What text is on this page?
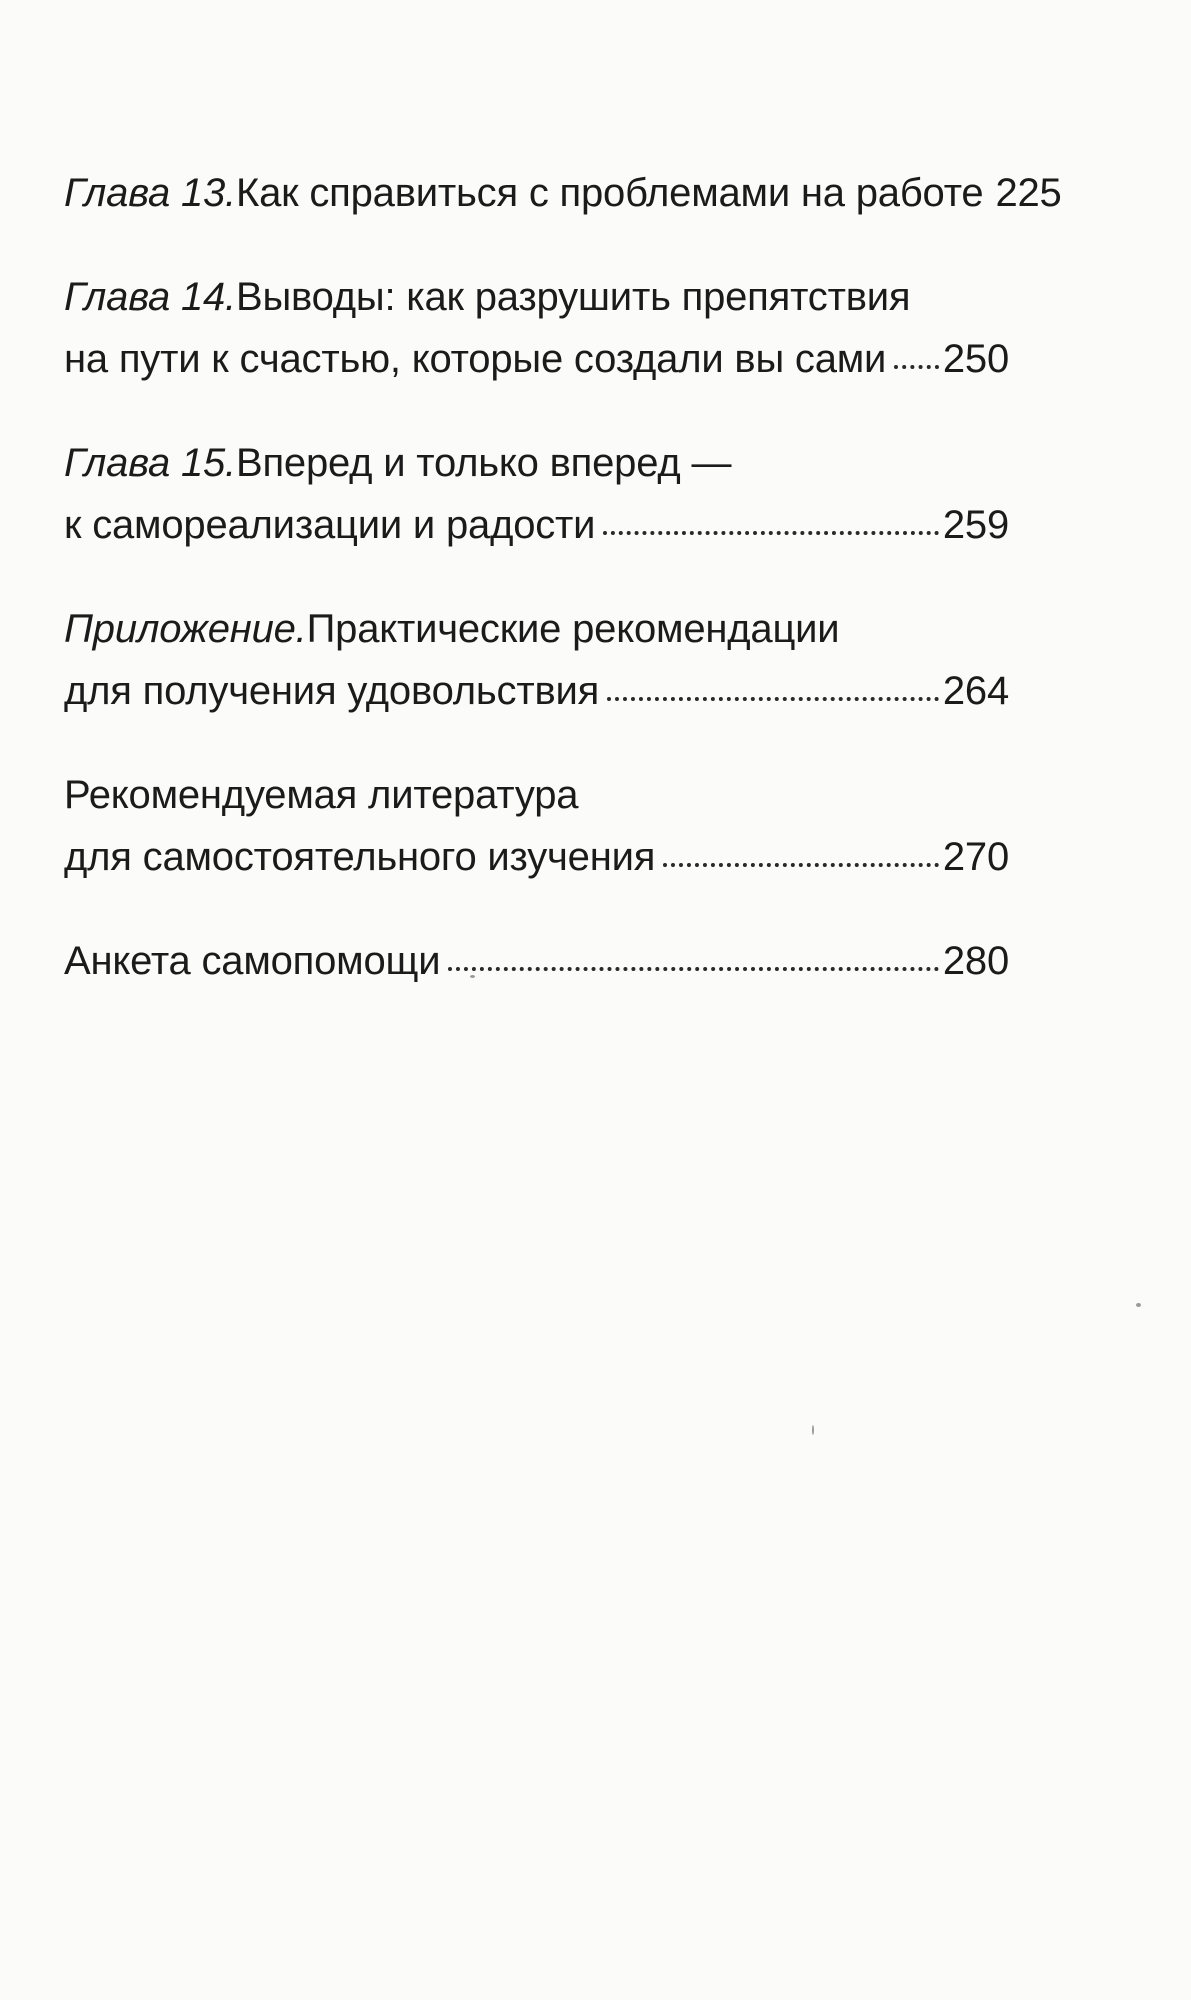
Глава 13. Как справиться с проблемами на работе 225
Глава 14. Выводы: как разрушить препятствия
на пути к счастью, которые создали вы сами 250
Глава 15. Вперед и только вперед —
к самореализации и радости	259
Приложение. Практические рекомендации
для получения удовольствия	264
Рекомендуемая литература
для самостоятельного изучения	270
Анкета самопомощи	280
